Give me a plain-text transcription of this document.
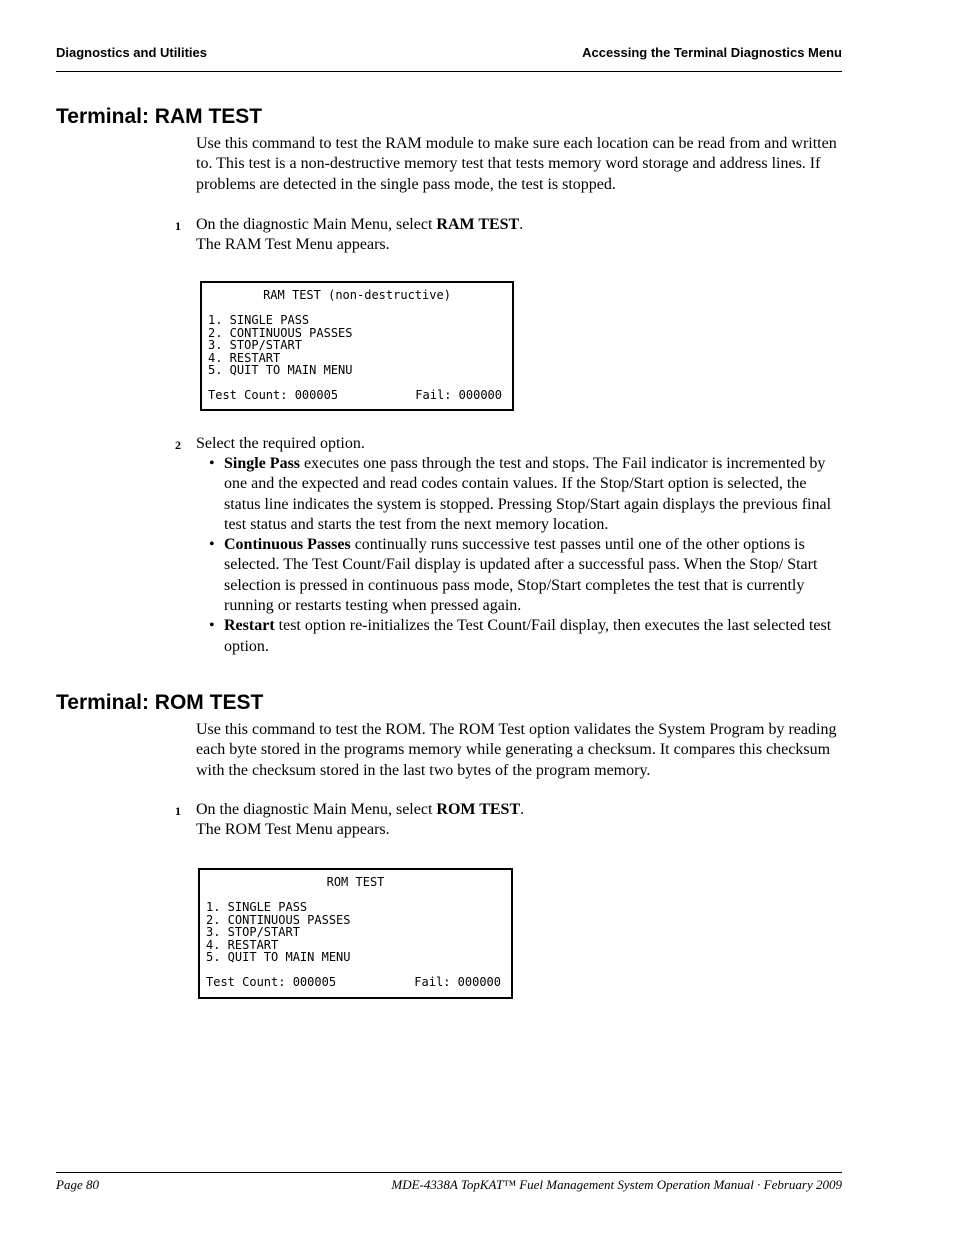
Diagnostics and Utilities	Accessing the Terminal Diagnostics Menu
Terminal: RAM TEST

Use this command to test the RAM module to make sure each location can be read from and written to. This test is a non-destructive memory test that tests memory word storage and address lines. If problems are detected in the single pass mode, the test is stopped.

1 On the diagnostic Main Menu, select RAM TEST.
The RAM Test Menu appears.
RAM TEST (non-destructive)
1. SINGLE PASS
2. CONTINUOUS PASSES
3. STOP/START
4. RESTART
5. QUIT TO MAIN MENU
Test Count: 000005	Fail: 000000
2 Select the required option.
• Single Pass executes one pass through the test and stops. The Fail indicator is incremented by one and the expected and read codes contain values. If the Stop/Start option is selected, the status line indicates the system is stopped. Pressing Stop/Start again displays the previous final test status and starts the test from the next memory location.
• Continuous Passes continually runs successive test passes until one of the other options is selected. The Test Count/Fail display is updated after a successful pass. When the Stop/ Start selection is pressed in continuous pass mode, Stop/Start completes the test that is currently running or restarts testing when pressed again.
• Restart test option re-initializes the Test Count/Fail display, then executes the last selected test option.
Terminal: ROM TEST

Use this command to test the ROM. The ROM Test option validates the System Program by reading each byte stored in the programs memory while generating a checksum. It compares this checksum with the checksum stored in the last two bytes of the program memory.

1 On the diagnostic Main Menu, select ROM TEST.
The ROM Test Menu appears.
ROM TEST
1. SINGLE PASS
2. CONTINUOUS PASSES
3. STOP/START
4. RESTART
5. QUIT TO MAIN MENU
Test Count: 000005	Fail: 000000
Page 80	MDE-4338A TopKAT™ Fuel Management System Operation Manual · February 2009
